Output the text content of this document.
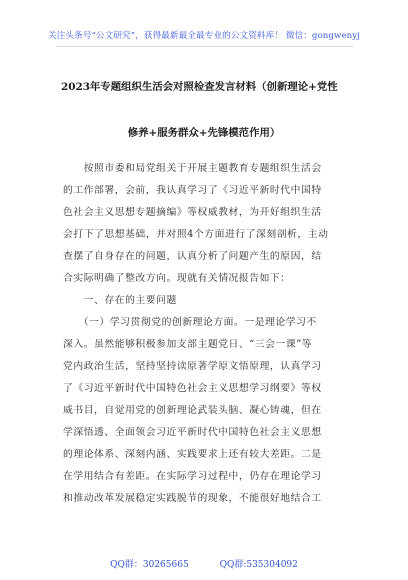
关注头条号“公文研究”，获得最新最全最专业的公文资料库！ 微信：gongwenyj
2023年专题组织生活会对照检查发言材料（创新理论+党性
修养+服务群众+先锋模范作用）
　　按照市委和局党组关于开展主题教育专题组织生活会
的工作部署，会前，我认真学习了《习近平新时代中国特
色社会主义思想专题摘编》等权威教材，为开好组织生活
会打下了思想基础，并对照4个方面进行了深刻剖析，主动
查摆了自身存在的问题，认真分析了问题产生的原因，结
合实际明确了整改方向。现就有关情况报告如下：
　　一、存在的主要问题
　　（一）学习贯彻党的创新理论方面。一是理论学习不
深入。虽然能够积极参加支部主题党日、“三会一课”等
党内政治生活，坚持坚持读原著学原文悟原理，认真学习
了《习近平新时代中国特色社会主义思想学习纲要》等权
威书目，自觉用党的创新理论武装头脑、凝心铸魂，但在
学深悟透、全面领会习近平新时代中国特色社会主义思想
的理论体系、深刻内涵、实践要求上还有较大差距。二是
在学用结合有差距。在实际学习过程中，仍存在理论学习
和推动改革发展稳定实践脱节的现象，不能很好地结合工
QQ群：30265665	QQ群:535304092
